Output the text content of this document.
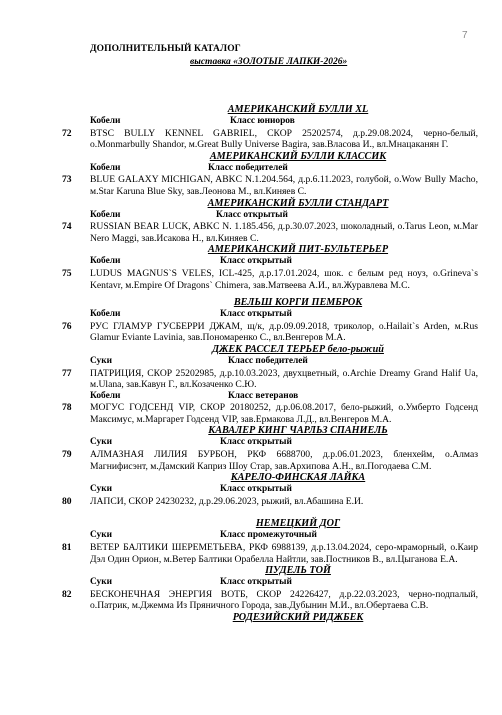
7
ДОПОЛНИТЕЛЬНЫЙ КАТАЛОГ
выставка «ЗОЛОТЫЕ ЛАПКИ-2026»
АМЕРИКАНСКИЙ БУЛЛИ XL
Кобели	Класс юниоров
72	BTSC BULLY KENNEL GABRIEL, СКОР 25202574, д.р.29.08.2024, черно-белый, о.Monmarbully Shandor, м.Great Bully Universe Bagira, зав.Власова И., вл.Мнацаканян Г.
АМЕРИКАНСКИЙ БУЛЛИ КЛАССИК
Кобели	Класс победителей
73	BLUE GALAXY MICHIGAN, ABKC N.1.204.564, д.р.6.11.2023, голубой, о.Wow Bully Macho, м.Star Karuna Blue Sky, зав.Леонова М., вл.Киняев С.
АМЕРИКАНСКИЙ БУЛЛИ СТАНДАРТ
Кобели	Класс открытый
74	RUSSIAN BEAR LUCK, ABKC N. 1.185.456, д.р.30.07.2023, шоколадный, о.Tarus Leon, м.Mar Nero Maggi, зав.Исакова Н., вл.Киняев С.
АМЕРИКАНСКИЙ ПИТ-БУЛЬТЕРЬЕР
Кобели	Класс открытый
75	LUDUS MAGNUS`S VELES, ICL-425, д.р.17.01.2024, шок. с белым ред ноуз, o.Grineva`s Kentavr, м.Empire Of Dragons` Chimera, зав.Матвеева А.И., вл.Журавлева М.С.
ВЕЛЬШ КОРГИ ПЕМБРОК
Кобели	Класс открытый
76	РУС ГЛАМУР ГУСБЕРРИ ДЖАМ, щ/к, д.р.09.09.2018, триколор, о.Hailait`s Arden, м.Rus Glamur Eviante Lavinia, зав.Пономаренко С., вл.Венгеров М.А.
ДЖЕК РАССЕЛ ТЕРЬЕР бело-рыжий
Суки	Класс победителей
77	ПАТРИЦИЯ, СКОР 25202985, д.р.10.03.2023, двухцветный, о.Archie Dreamy Grand Halif Ua, м.Ulana, зав.Кавун Г., вл.Козаченко С.Ю.
Кобели	Класс ветеранов
78	МОГУС ГОДСЕНД VIP, СКОР 20180252, д.р.06.08.2017, бело-рыжий, о.Умберто Годсенд Максимус, м.Маргарет Годсенд VIP, зав.Ермакова Л.Д., вл.Венгеров М.А.
КАВАЛЕР КИНГ ЧАРЛЬЗ СПАНИЕЛЬ
Суки	Класс открытый
79	АЛМАЗНАЯ ЛИЛИЯ БУРБОН, РКФ 6688700, д.р.06.01.2023, бленхейм, о.Алмаз Магнифисэнт, м.Дамский Каприз Шоу Стар, зав.Архипова А.Н., вл.Погодаева С.М.
КАРЕЛО-ФИНСКАЯ ЛАЙКА
Суки	Класс открытый
80	ЛАПСИ, СКОР 24230232, д.р.29.06.2023, рыжий, вл.Абашина Е.И.
НЕМЕЦКИЙ ДОГ
Суки	Класс промежуточный
81	ВЕТЕР БАЛТИКИ ШЕРЕМЕТЬЕВА, РКФ 6988139, д.р.13.04.2024, серо-мраморный, о.Каир Дэл Один Орион, м.Ветер Балтики Орабелла Найтли, зав.Постников В., вл.Цыганова Е.А.
ПУДЕЛЬ ТОЙ
Суки	Класс открытый
82	БЕСКОНЕЧНАЯ ЭНЕРГИЯ ВОТБ, СКОР 24226427, д.р.22.03.2023, черно-подпалый, о.Патрик, м.Джемма Из Пряничного Города, зав.Дубынин М.И., вл.Обертаева С.В.
РОДЕЗИЙСКИЙ РИДЖБЕК
